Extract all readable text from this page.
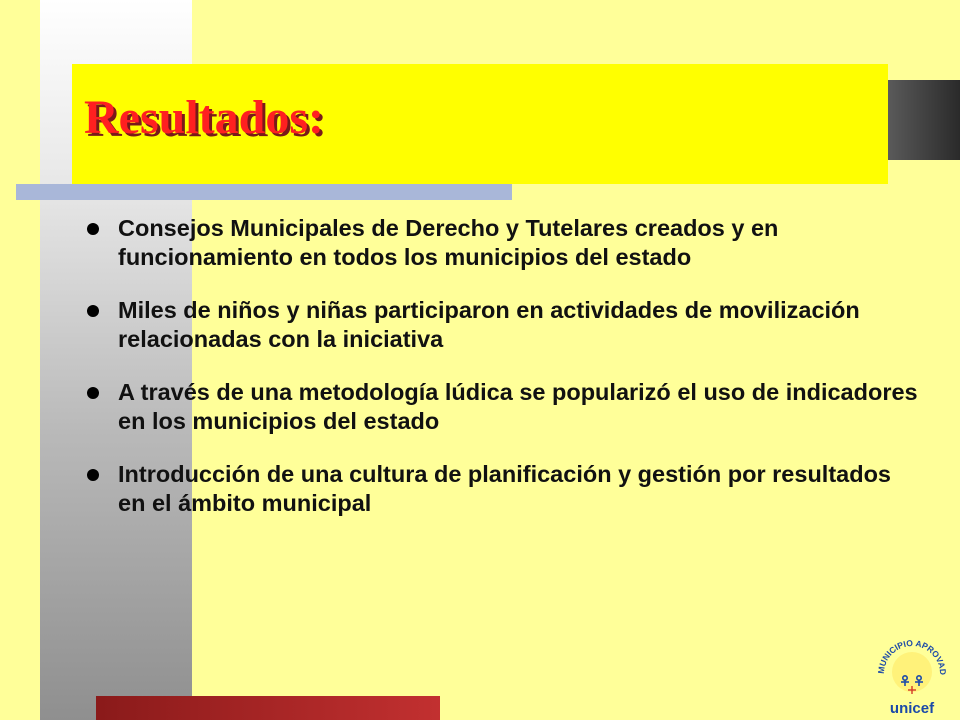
Resultados:
Consejos Municipales de Derecho y Tutelares creados y en funcionamiento en todos los municipios del estado
Miles de niños y niñas participaron en actividades de movilización relacionadas con la iniciativa
A través de una metodología lúdica se popularizó el uso de indicadores en los municipios del estado
Introducción de una cultura de planificación y gestión por resultados en el ámbito municipal
MUNICIPIO APROVAD
unicef
